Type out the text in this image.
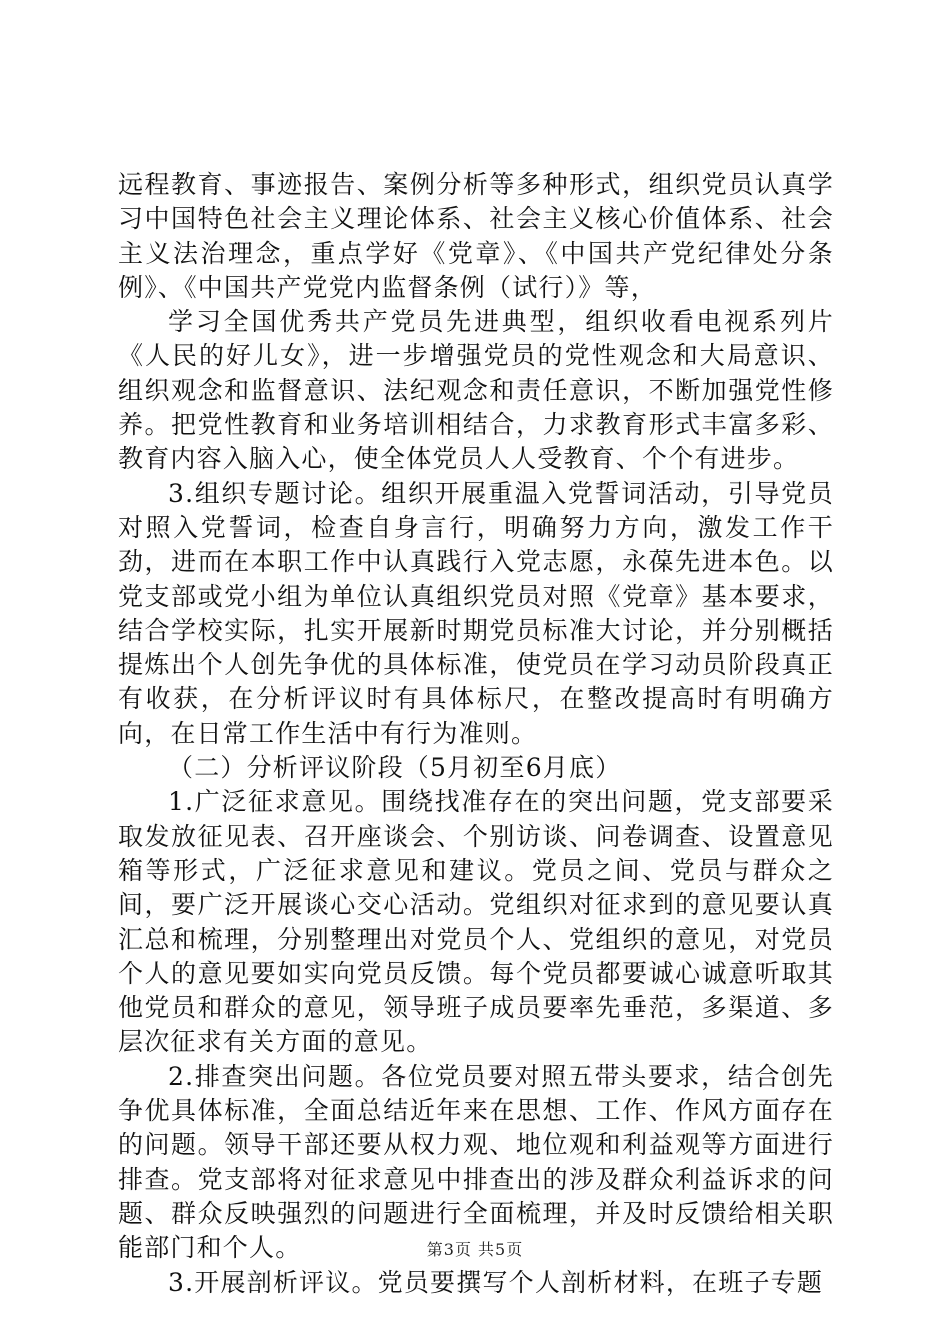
远程教育、事迹报告、案例分析等多种形式，组织党员认真学习中国特色社会主义理论体系、社会主义核心价值体系、社会主义法治理念，重点学好《党章》、《中国共产党纪律处分条例》、《中国共产党党内监督条例（试行）》等，

学习全国优秀共产党员先进典型，组织收看电视系列片《人民的好儿女》，进一步增强党员的党性观念和大局意识、组织观念和监督意识、法纪观念和责任意识，不断加强党性修养。把党性教育和业务培训相结合，力求教育形式丰富多彩、教育内容入脑入心，使全体党员人人受教育、个个有进步。

3.组织专题讨论。组织开展重温入党誓词活动，引导党员对照入党誓词，检查自身言行，明确努力方向，激发工作干劲，进而在本职工作中认真践行入党志愿，永葆先进本色。以党支部或党小组为单位认真组织党员对照《党章》基本要求，结合学校实际，扎实开展新时期党员标准大讨论，并分别概括提炼出个人创先争优的具体标准，使党员在学习动员阶段真正有收获，在分析评议时有具体标尺，在整改提高时有明确方向，在日常工作生活中有行为准则。

（二）分析评议阶段（5月初至6月底）

1.广泛征求意见。围绕找准存在的突出问题，党支部要采取发放征见表、召开座谈会、个别访谈、问卷调查、设置意见箱等形式，广泛征求意见和建议。党员之间、党员与群众之间，要广泛开展谈心交心活动。党组织对征求到的意见要认真汇总和梳理，分别整理出对党员个人、党组织的意见，对党员个人的意见要如实向党员反馈。每个党员都要诚心诚意听取其他党员和群众的意见，领导班子成员要率先垂范，多渠道、多层次征求有关方面的意见。

2.排查突出问题。各位党员要对照五带头要求，结合创先争优具体标准，全面总结近年来在思想、工作、作风方面存在的问题。领导干部还要从权力观、地位观和利益观等方面进行排查。党支部将对征求意见中排查出的涉及群众利益诉求的问题、群众反映强烈的问题进行全面梳理，并及时反馈给相关职能部门和个人。

3.开展剖析评议。党员要撰写个人剖析材料，在班子专题

第3页 共5页
